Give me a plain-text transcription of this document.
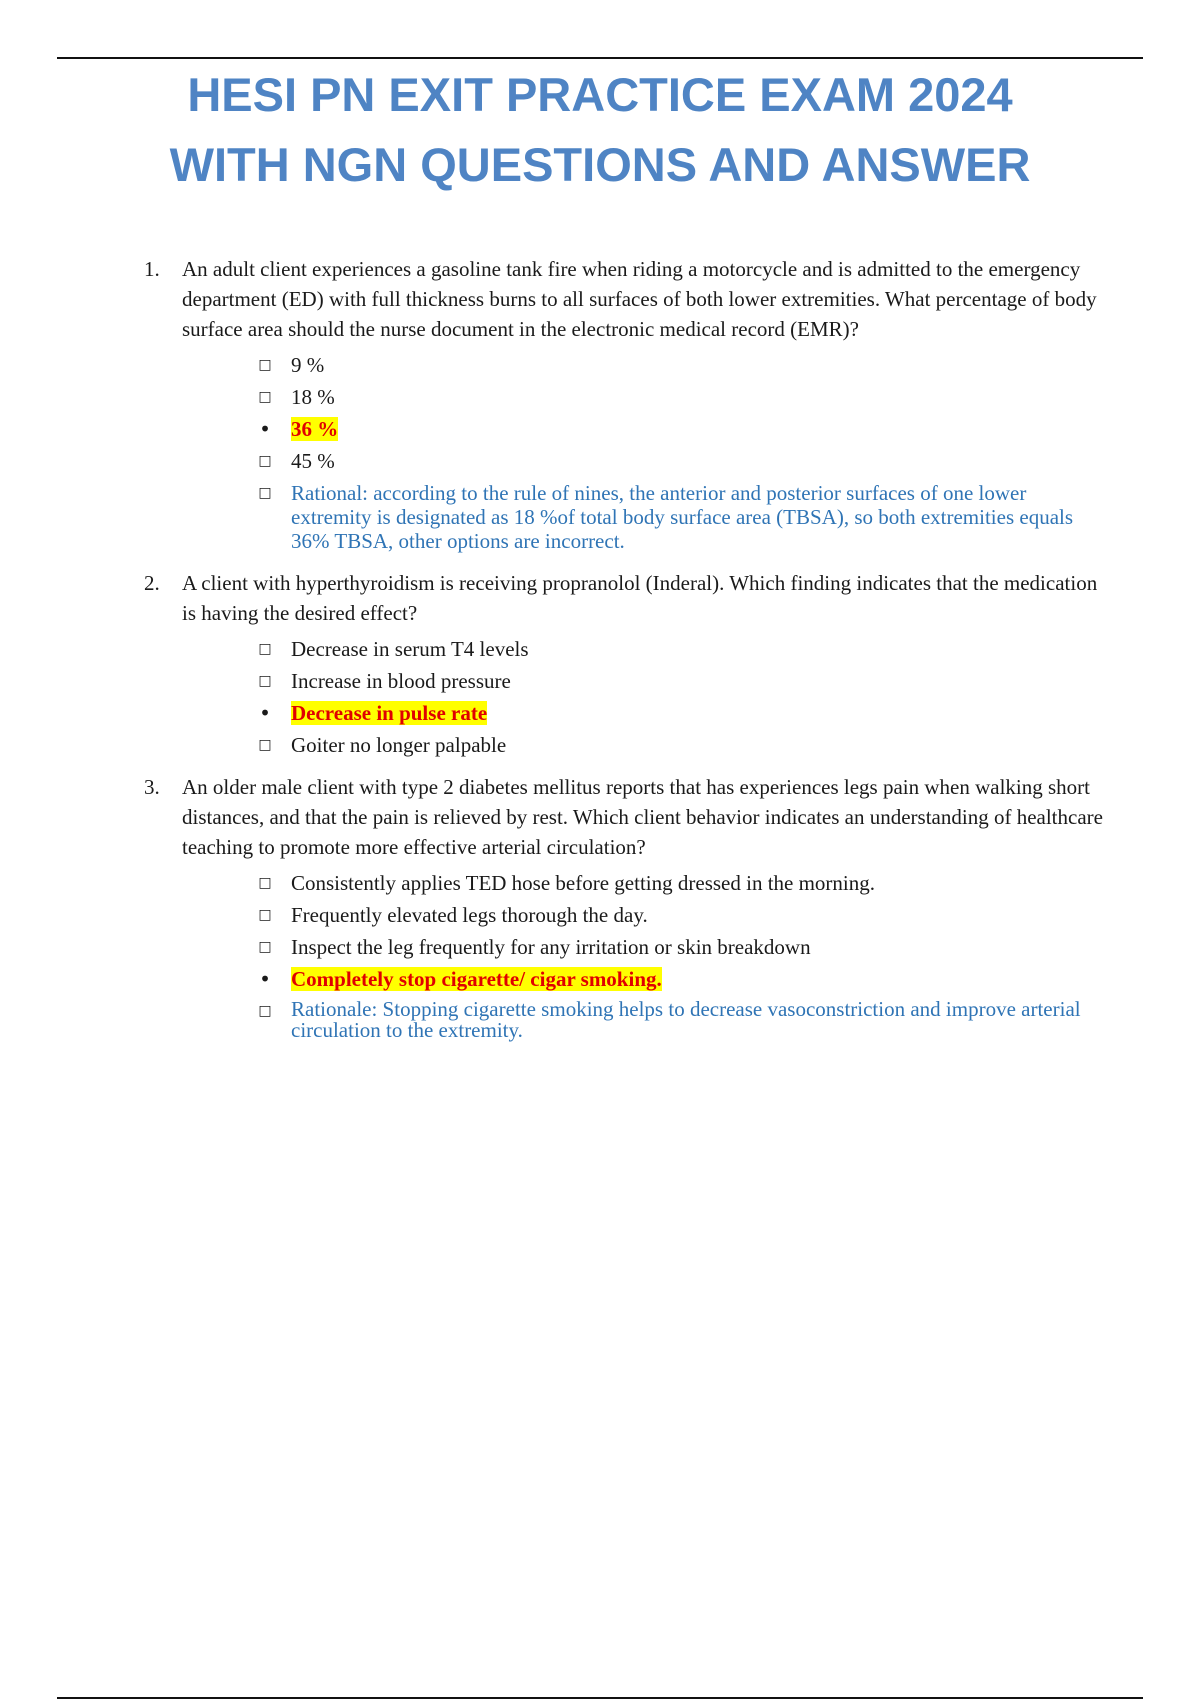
HESI PN EXIT PRACTICE EXAM 2024
WITH NGN QUESTIONS AND ANSWER
1. An adult client experiences a gasoline tank fire when riding a motorcycle and is admitted to the emergency department (ED) with full thickness burns to all surfaces of both lower extremities. What percentage of body surface area should the nurse document in the electronic medical record (EMR)?

□ 9 %
□ 18 %
• 36 %
□ 45 %
□ Rational: according to the rule of nines, the anterior and posterior surfaces of one lower extremity is designated as 18 %of total body surface area (TBSA), so both extremities equals 36% TBSA, other options are incorrect.
2. A client with hyperthyroidism is receiving propranolol (Inderal). Which finding indicates that the medication is having the desired effect?

□ Decrease in serum T4 levels
□ Increase in blood pressure
• Decrease in pulse rate
□ Goiter no longer palpable
3. An older male client with type 2 diabetes mellitus reports that has experiences legs pain when walking short distances, and that the pain is relieved by rest. Which client behavior indicates an understanding of healthcare teaching to promote more effective arterial circulation?

□ Consistently applies TED hose before getting dressed in the morning.
□ Frequently elevated legs thorough the day.
□ Inspect the leg frequently for any irritation or skin breakdown
• Completely stop cigarette/ cigar smoking.
□ Rationale: Stopping cigarette smoking helps to decrease vasoconstriction and improve arterial circulation to the extremity.
